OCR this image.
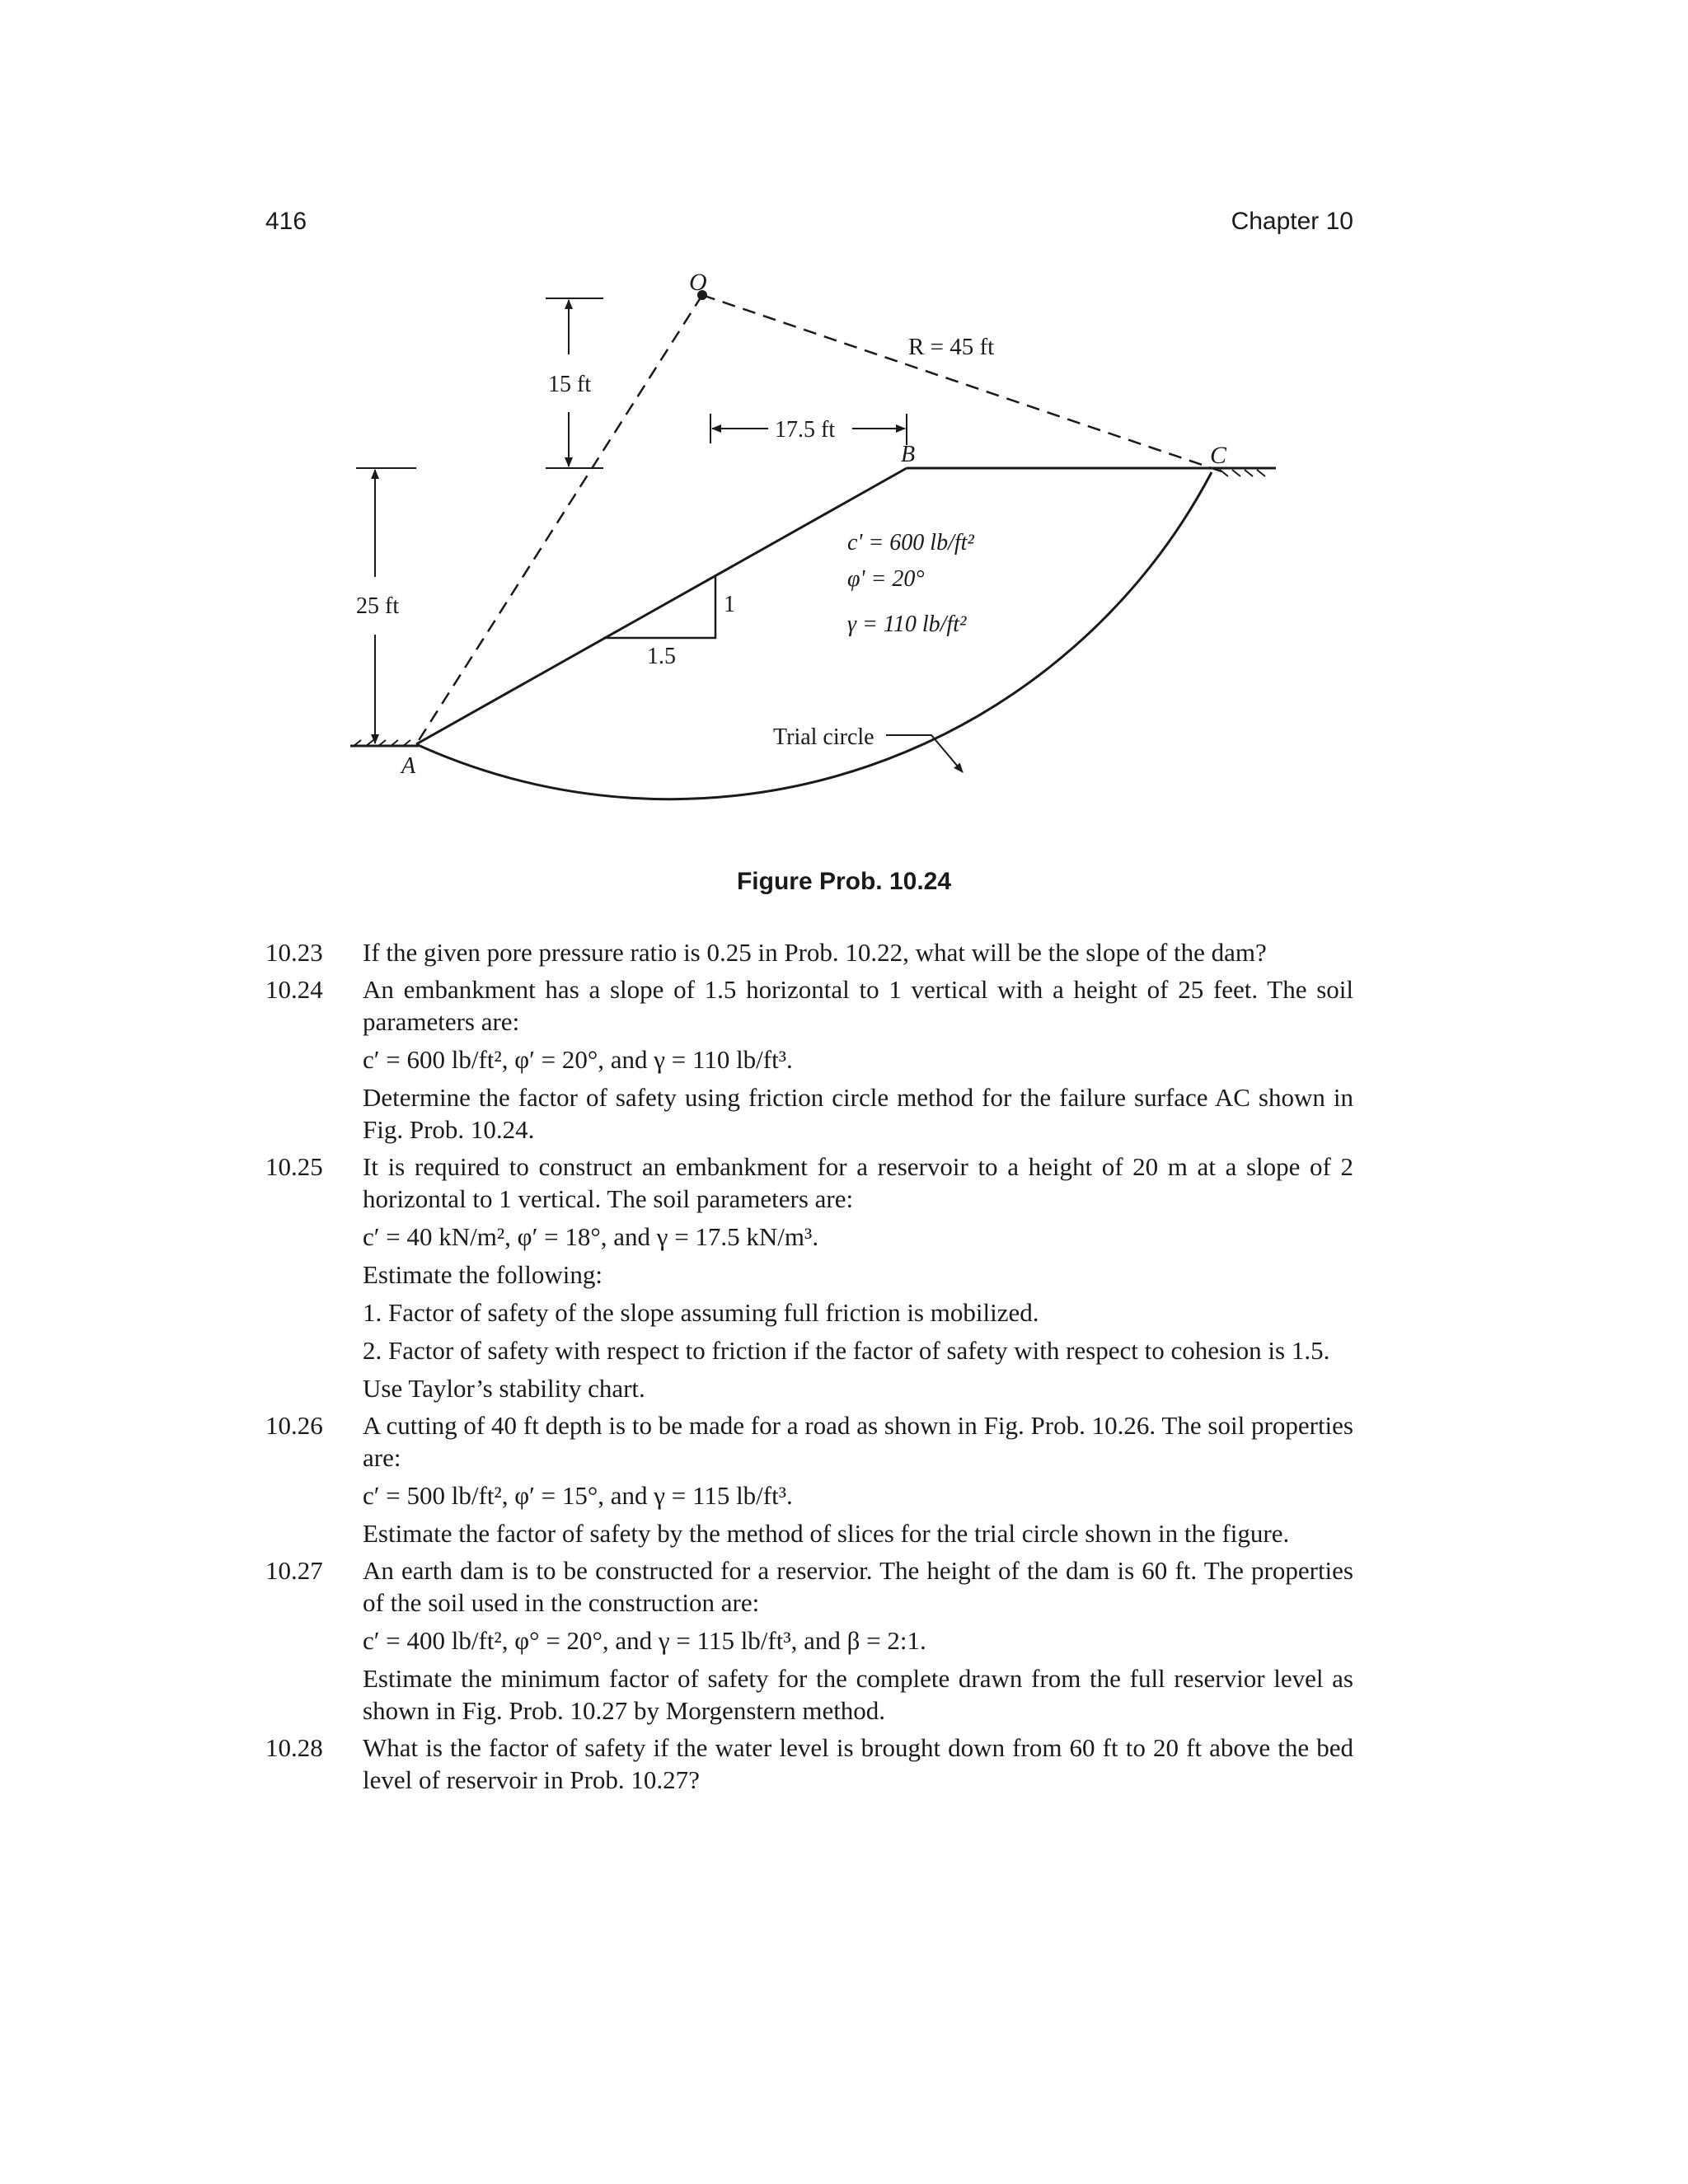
416	Chapter 10
O
R = 45 ft
15 ft
25 ft
17.5 ft
A
B	C
1
1.5
c' = 600 lb/ft²
φ' = 20°
γ = 110 lb/ft²
Trial circle
Figure Prob. 10.24
10.23 If the given pore pressure ratio is 0.25 in Prob. 10.22, what will be the slope of the dam?

10.24 An embankment has a slope of 1.5 horizontal to 1 vertical with a height of 25 feet. The soil parameters are:

c′ = 600 lb/ft², φ′ = 20°, and γ = 110 lb/ft³.

Determine the factor of safety using friction circle method for the failure surface AC shown in Fig. Prob. 10.24.

10.25 It is required to construct an embankment for a reservoir to a height of 20 m at a slope of 2 horizontal to 1 vertical. The soil parameters are:

c′ = 40 kN/m², φ′ = 18°, and γ = 17.5 kN/m³.

Estimate the following:

1. Factor of safety of the slope assuming full friction is mobilized.

2. Factor of safety with respect to friction if the factor of safety with respect to cohesion is 1.5.

Use Taylor’s stability chart.

10.26 A cutting of 40 ft depth is to be made for a road as shown in Fig. Prob. 10.26. The soil properties are:

c′ = 500 lb/ft², φ′ = 15°, and γ = 115 lb/ft³.

Estimate the factor of safety by the method of slices for the trial circle shown in the figure.

10.27 An earth dam is to be constructed for a reservior. The height of the dam is 60 ft. The properties of the soil used in the construction are:

c′ = 400 lb/ft², φ° = 20°, and γ = 115 lb/ft³, and β = 2:1.

Estimate the minimum factor of safety for the complete drawn from the full reservior level as shown in Fig. Prob. 10.27 by Morgenstern method.

10.28 What is the factor of safety if the water level is brought down from 60 ft to 20 ft above the bed level of reservoir in Prob. 10.27?
